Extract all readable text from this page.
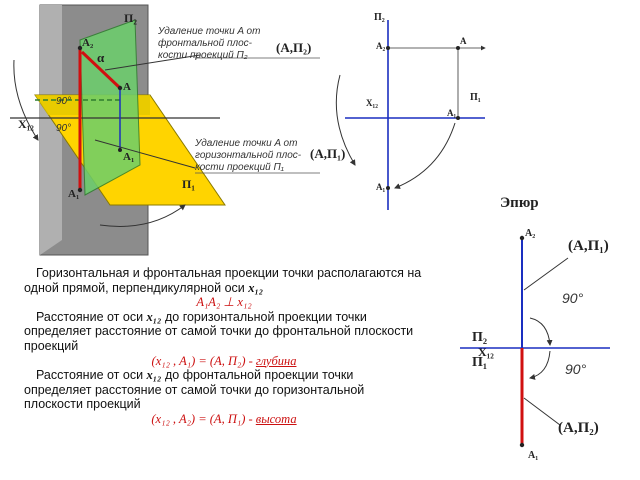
Π₂
α
A₂
A
A₁
A₁
Π₁
X₁₂
90°
90°
Удаление точки A от
фронтальной плос-
кости проекций Π₂
Удаление точки A от
горизонтальной плос-
кости проекций Π₁
(A,Π₂)
(A,Π₁)
Π₂
Π₁
A₂	A
X₁₂
A₁
A₁
Эпюр
A₂
A₁
X₁₂
Π₂
Π₁
(A,Π₁)
(A,Π₂)
90°
90°

Горизонтальная и фронтальная проекции точки располагаются на одной прямой, перпендикулярной оси x₁₂

A₁A₂ ⊥ x₁₂

Расстояние от оси x₁₂ до горизонтальной проекции точки определяет расстояние от самой точки до фронтальной плоскости проекций

(x₁₂ , A₁) = (A, Π₂) - глубина

Расстояние от оси x₁₂ до фронтальной проекции точки определяет расстояние от самой точки до горизонтальной плоскости проекций

(x₁₂ , A₂) = (A, Π₁) - высота
